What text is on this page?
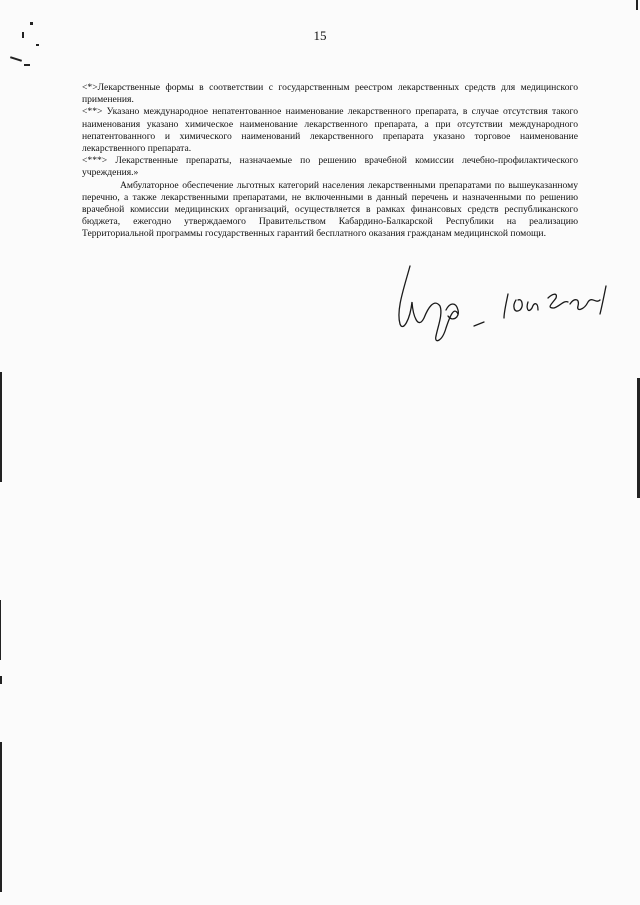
15

<*>Лекарственные формы в соответствии с государственным реестром лекарственных средств для медицинского применения.

<**> Указано международное непатентованное наименование лекарственного препарата, в случае отсутствия такого наименования указано химическое наименование лекарственного препарата, а при отсутствии международного непатентованного и химического наименований лекарственного препарата указано торговое наименование лекарственного препарата.

<***> Лекарственные препараты, назначаемые по решению врачебной комиссии лечебно-профилактического учреждения.»

Амбулаторное обеспечение льготных категорий населения лекарственными препаратами по вышеуказанному перечню, а также лекарственными препаратами, не включенными в данный перечень и назначенными по решению врачебной комиссии медицинских организаций, осуществляется в рамках финансовых средств республиканского бюджета, ежегодно утверждаемого Правительством Кабардино-Балкарской Республики на реализацию Территориальной программы государственных гарантий бесплатного оказания гражданам медицинской помощи.

/и.м. Шетова/
